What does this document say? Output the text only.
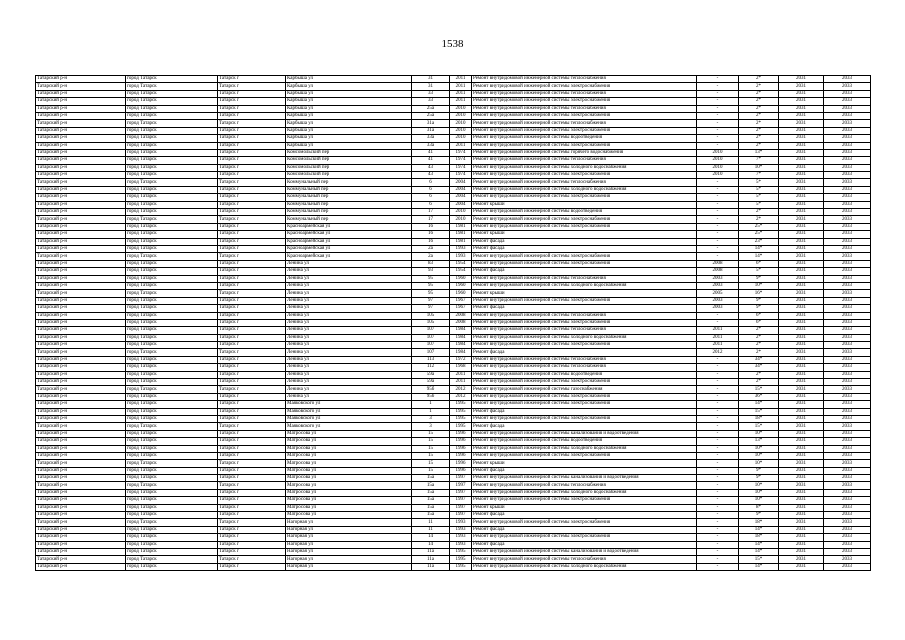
1538
Татарский р-н	город Татарск	Татарск г	Карбыша ул	31	2011	Ремонт внутридомовой инженерной системы теплоснабжения	-	2*	2031	2033
Татарский р-н	город Татарск	Татарск г	Карбыша ул	31	2011	Ремонт внутридомовой инженерной системы электроснабжения	-	2*	2031	2033
Татарский р-н	город Татарск	Татарск г	Карбыша ул	33	2011	Ремонт внутридомовой инженерной системы теплоснабжения	-	2*	2031	2033
Татарский р-н	город Татарск	Татарск г	Карбыша ул	33	2011	Ремонт внутридомовой инженерной системы электроснабжения	-	2*	2031	2033
Татарский р-н	город Татарск	Татарск г	Карбыша ул	25а	2010	Ремонт внутридомовой инженерной системы теплоснабжения	-	2*	2031	2033
Татарский р-н	город Татарск	Татарск г	Карбыша ул	25а	2010	Ремонт внутридомовой инженерной системы электроснабжения	-	2*	2031	2033
Татарский р-н	город Татарск	Татарск г	Карбыша ул	31а	2010	Ремонт внутридомовой инженерной системы теплоснабжения	-	2*	2031	2033
Татарский р-н	город Татарск	Татарск г	Карбыша ул	31а	2010	Ремонт внутридомовой инженерной системы электроснабжения	-	2*	2031	2033
Татарский р-н	город Татарск	Татарск г	Карбыша ул	33а	2010	Ремонт внутридомовой инженерной системы водоотведения	-	2*	2031	2033
Татарский р-н	город Татарск	Татарск г	Карбыша ул	33а	2011	Ремонт внутридомовой инженерной системы электроснабжения	-	2*	2031	2033
Татарский р-н	город Татарск	Татарск г	Комсомольский пер	41	1974	Ремонт внутридомовой инженерной системы горячего водоснабжения	2010	13*	2031	2033
Татарский р-н	город Татарск	Татарск г	Комсомольский пер	41	1974	Ремонт внутридомовой инженерной системы теплоснабжения	2010	7*	2031	2033
Татарский р-н	город Татарск	Татарск г	Комсомольский пер	43	1974	Ремонт внутридомовой инженерной системы холодного водоснабжения	2010	10*	2031	2033
Татарский р-н	город Татарск	Татарск г	Комсомольский пер	43	1974	Ремонт внутридомовой инженерной системы электроснабжения	2010	7*	2031	2033
Татарский р-н	город Татарск	Татарск г	Коммунальный пер	6	2004	Ремонт внутридомовой инженерной системы теплоснабжения	-	5*	2031	2033
Татарский р-н	город Татарск	Татарск г	Коммунальный пер	6	2004	Ремонт внутридомовой инженерной системы холодного водоснабжения	-	5*	2031	2033
Татарский р-н	город Татарск	Татарск г	Коммунальный пер	6	2004	Ремонт внутридомовой инженерной системы электроснабжения	-	5*	2031	2033
Татарский р-н	город Татарск	Татарск г	Коммунальный пер	6	2004	Ремонт крыши	-	5*	2031	2033
Татарский р-н	город Татарск	Татарск г	Коммунальный пер	17	2010	Ремонт внутридомовой инженерной системы водоотведения	-	2*	2031	2033
Татарский р-н	город Татарск	Татарск г	Коммунальный пер	17	2010	Ремонт внутридомовой инженерной системы электроснабжения	-	2*	2031	2033
Татарский р-н	город Татарск	Татарск г	Красноармейская ул	16	1981	Ремонт внутридомовой инженерной системы электроснабжения	-	25*	2031	2033
Татарский р-н	город Татарск	Татарск г	Красноармейская ул	16	1981	Ремонт крыши	-	25*	2031	2033
Татарский р-н	город Татарск	Татарск г	Красноармейская ул	16	1981	Ремонт фасада	-	23*	2031	2033
Татарский р-н	город Татарск	Татарск г	Красноармейская ул	2а	1993	Ремонт фасада	-	14*	2031	2033
Татарский р-н	город Татарск	Татарск г	Красноармейская ул	2а	1993	Ремонт внутридомовой инженерной системы электроснабжения	-	14*	2031	2033
Татарский р-н	город Татарск	Татарск г	Ленина ул	83	1954	Ремонт внутридомовой инженерной системы электроснабжения	2008	6*	2031	2033
Татарский р-н	город Татарск	Татарск г	Ленина ул	93	1954	Ремонт фасада	2008	5*	2031	2033
Татарский р-н	город Татарск	Татарск г	Ленина ул	95	1960	Ремонт внутридомовой инженерной системы теплоснабжения	2003	9*	2031	2033
Татарский р-н	город Татарск	Татарск г	Ленина ул	95	1960	Ремонт внутридомовой инженерной системы холодного водоснабжения	2003	10*	2031	2033
Татарский р-н	город Татарск	Татарск г	Ленина ул	95	1960	Ремонт крыши	2005	16*	2031	2033
Татарский р-н	город Татарск	Татарск г	Ленина ул	97	1967	Ремонт внутридомовой инженерной системы электроснабжения	2003	9*	2031	2033
Татарский р-н	город Татарск	Татарск г	Ленина ул	97	1967	Ремонт фасада	2003	9*	2031	2033
Татарский р-н	город Татарск	Татарск г	Ленина ул	105	2008	Ремонт внутридомовой инженерной системы теплоснабжения	-	6*	2031	2033
Татарский р-н	город Татарск	Татарск г	Ленина ул	105	2008	Ремонт внутридомовой инженерной системы электроснабжения	-	6*	2031	2033
Татарский р-н	город Татарск	Татарск г	Ленина ул	107	1984	Ремонт внутридомовой инженерной системы теплоснабжения	2011	2*	2031	2033
Татарский р-н	город Татарск	Татарск г	Ленина ул	107	1984	Ремонт внутридомовой инженерной системы холодного водоснабжения	2011	2*	2031	2033
Татарский р-н	город Татарск	Татарск г	Ленина ул	107	1984	Ремонт внутридомовой инженерной системы электроснабжения	2011	2*	2031	2033
Татарский р-н	город Татарск	Татарск г	Ленина ул	107	1984	Ремонт фасада	2012	2*	2031	2033
Татарский р-н	город Татарск	Татарск г	Ленина ул	113	1972	Ремонт внутридомовой инженерной системы теплоснабжения	-	34*	2031	2033
Татарский р-н	город Татарск	Татарск г	Ленина ул	112	1968	Ремонт внутридомовой инженерной системы теплоснабжения	-	34*	2031	2033
Татарский р-н	город Татарск	Татарск г	Ленина ул	59а	2011	Ремонт внутридомовой инженерной системы водоотведения	-	2*	2031	2033
Татарский р-н	город Татарск	Татарск г	Ленина ул	59а	2011	Ремонт внутридомовой инженерной системы электроснабжения	-	2*	2031	2033
Татарский р-н	город Татарск	Татарск г	Ленина ул	95б	2012	Ремонт внутридомовой инженерной системы газоснабжения	-	15*	2031	2033
Татарский р-н	город Татарск	Татарск г	Ленина ул	95б	2012	Ремонт внутридомовой инженерной системы электроснабжения	-	36*	2031	2033
Татарский р-н	город Татарск	Татарск г	Маяковского ул	1	1995	Ремонт внутридомовой инженерной системы электроснабжения	-	14*	2031	2033
Татарский р-н	город Татарск	Татарск г	Маяковского ул	1	1995	Ремонт фасада	-	15*	2031	2033
Татарский р-н	город Татарск	Татарск г	Маяковского ул	3	1995	Ремонт внутридомовой инженерной системы электроснабжения	-	18*	2031	2033
Татарский р-н	город Татарск	Татарск г	Маяковского ул	3	1995	Ремонт фасада	-	15*	2031	2033
Татарский р-н	город Татарск	Татарск г	Матросова ул	15	1996	Ремонт внутридомовой инженерной системы канализования и водоотведения	-	10*	2031	2033
Татарский р-н	город Татарск	Татарск г	Матросова ул	15	1996	Ремонт внутридомовой инженерной системы водоотведения	-	13*	2031	2033
Татарский р-н	город Татарск	Татарск г	Матросова ул	15	1996	Ремонт внутридомовой инженерной системы холодного водоснабжения	-	10*	2031	2033
Татарский р-н	город Татарск	Татарск г	Матросова ул	15	1996	Ремонт внутридомовой инженерной системы электроснабжения	-	10*	2031	2033
Татарский р-н	город Татарск	Татарск г	Матросова ул	15	1996	Ремонт крыши	-	10*	2031	2033
Татарский р-н	город Татарск	Татарск г	Матросова ул	15	1996	Ремонт фасада	-	9*	2031	2033
Татарский р-н	город Татарск	Татарск г	Матросова ул	15а	1997	Ремонт внутридомовой инженерной системы канализования и водоотведения	-	9*	2031	2033
Татарский р-н	город Татарск	Татарск г	Матросова ул	15а	1997	Ремонт внутридомовой инженерной системы теплоснабжения	-	10*	2031	2033
Татарский р-н	город Татарск	Татарск г	Матросова ул	15а	1997	Ремонт внутридомовой инженерной системы холодного водоснабжения	-	10*	2031	2033
Татарский р-н	город Татарск	Татарск г	Матросова ул	15а	1997	Ремонт внутридомовой инженерной системы электроснабжения	-	10*	2031	2033
Татарский р-н	город Татарск	Татарск г	Матросова ул	15а	1997	Ремонт крыши	-	8*	2031	2033
Татарский р-н	город Татарск	Татарск г	Матросова ул	15а	1997	Ремонт фасада	-	9*	2031	2033
Татарский р-н	город Татарск	Татарск г	Нагорная ул	11	1993	Ремонт внутридомовой инженерной системы электроснабжения	-	18*	2031	2033
Татарский р-н	город Татарск	Татарск г	Нагорная ул	11	1993	Ремонт фасада	-	14*	2031	2033
Татарский р-н	город Татарск	Татарск г	Нагорная ул	14	1993	Ремонт внутридомовой инженерной системы электроснабжения	-	18*	2031	2033
Татарский р-н	город Татарск	Татарск г	Нагорная ул	14	1993	Ремонт фасада	-	14*	2031	2033
Татарский р-н	город Татарск	Татарск г	Нагорная ул	11а	1995	Ремонт внутридомовой инженерной системы канализования и водоотведения	-	14*	2031	2033
Татарский р-н	город Татарск	Татарск г	Нагорная ул	11а	1995	Ремонт внутридомовой инженерной системы теплоснабжения	-	15*	2031	2033
Татарский р-н	город Татарск	Татарск г	Нагорная ул	11а	1995	Ремонт внутридомовой инженерной системы холодного водоснабжения	-	14*	2031	2033
